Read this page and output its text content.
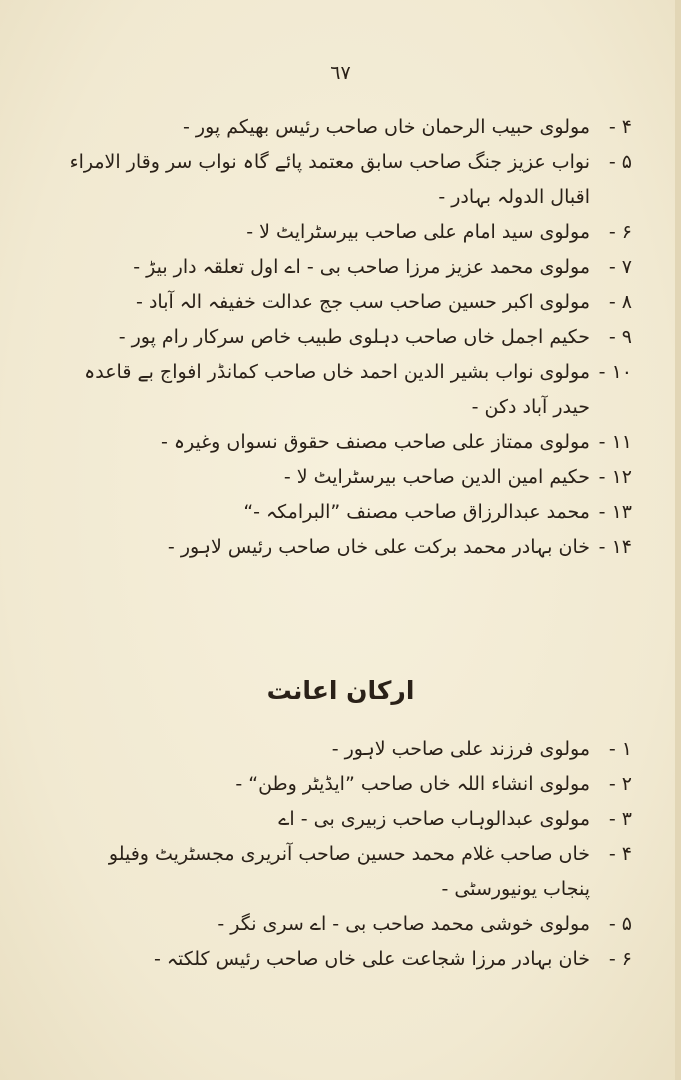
٦٧
۴ -
مولوی حبیب الرحمان خاں صاحب رئیس بھیکم پور -
۵ -
نواب عزیز جنگ صاحب سابق معتمد پائے گاہ نواب سر وقار الامراء اقبال الدولہ بہادر -
۶ -
مولوی سید امام علی صاحب بیرسٹرایٹ لا -
۷ -
مولوی محمد عزیز مرزا صاحب بی - اے اول تعلقہ دار بیڑ -
۸ -
مولوی اکبر حسین صاحب سب جج عدالت خفیفہ الہ آباد -
۹ -
حکیم اجمل خاں صاحب دہلوی طبیب خاص سرکار رام پور -
۱۰ -
مولوی نواب بشیر الدین احمد خاں صاحب کمانڈر افواج بے قاعدہ حیدر آباد دکن -
۱۱ -
مولوی ممتاز علی صاحب مصنف حقوق نسواں وغیرہ -
۱۲ -
حکیم امین الدین صاحب بیرسٹرایٹ لا -
۱۳ -
محمد عبدالرزاق صاحب مصنف ”البرامکہ -“
۱۴ -
خان بہادر محمد برکت علی خاں صاحب رئیس لاہور -
ارکان اعانت
۱ -
مولوی فرزند علی صاحب لاہور -
۲ -
مولوی انشاء اللہ خاں صاحب ”ایڈیٹر وطن“ -
۳ -
مولوی عبدالوہاب صاحب زبیری بی - اے
۴ -
خاں صاحب غلام محمد حسین صاحب آنریری مجسٹریٹ وفیلو پنجاب یونیورسٹی -
۵ -
مولوی خوشی محمد صاحب بی - اے سری نگر -
۶ -
خان بہادر مرزا شجاعت علی خاں صاحب رئیس کلکتہ -
